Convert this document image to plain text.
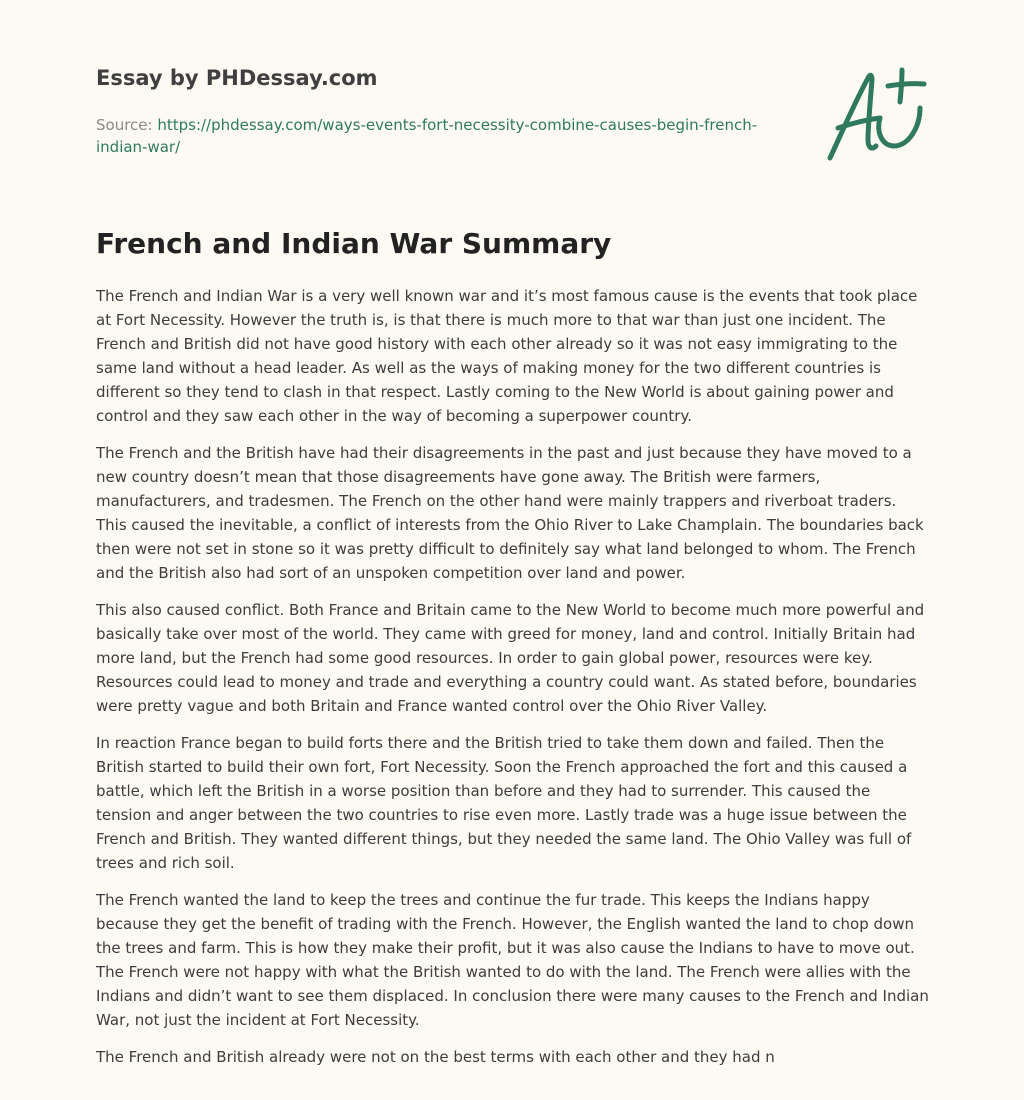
Essay by PHDessay.com
Source: https://phdessay.com/ways-events-fort-necessity-combine-causes-begin-french-indian-war/
French and Indian War Summary

The French and Indian War is a very well known war and it’s most famous cause is the events that took place at Fort Necessity. However the truth is, is that there is much more to that war than just one incident. The French and British did not have good history with each other already so it was not easy immigrating to the same land without a head leader. As well as the ways of making money for the two different countries is different so they tend to clash in that respect. Lastly coming to the New World is about gaining power and control and they saw each other in the way of becoming a superpower country.

The French and the British have had their disagreements in the past and just because they have moved to a new country doesn’t mean that those disagreements have gone away. The British were farmers, manufacturers, and tradesmen. The French on the other hand were mainly trappers and riverboat traders. This caused the inevitable, a conflict of interests from the Ohio River to Lake Champlain. The boundaries back then were not set in stone so it was pretty difficult to definitely say what land belonged to whom. The French and the British also had sort of an unspoken competition over land and power.

This also caused conflict. Both France and Britain came to the New World to become much more powerful and basically take over most of the world. They came with greed for money, land and control. Initially Britain had more land, but the French had some good resources. In order to gain global power, resources were key. Resources could lead to money and trade and everything a country could want. As stated before, boundaries were pretty vague and both Britain and France wanted control over the Ohio River Valley.

In reaction France began to build forts there and the British tried to take them down and failed. Then the British started to build their own fort, Fort Necessity. Soon the French approached the fort and this caused a battle, which left the British in a worse position than before and they had to surrender. This caused the tension and anger between the two countries to rise even more. Lastly trade was a huge issue between the French and British. They wanted different things, but they needed the same land. The Ohio Valley was full of trees and rich soil.

The French wanted the land to keep the trees and continue the fur trade. This keeps the Indians happy because they get the benefit of trading with the French. However, the English wanted the land to chop down the trees and farm. This is how they make their profit, but it was also cause the Indians to have to move out. The French were not happy with what the British wanted to do with the land. The French were allies with the Indians and didn’t want to see them displaced. In conclusion there were many causes to the French and Indian War, not just the incident at Fort Necessity.

The French and British already were not on the best terms with each other and they had n
